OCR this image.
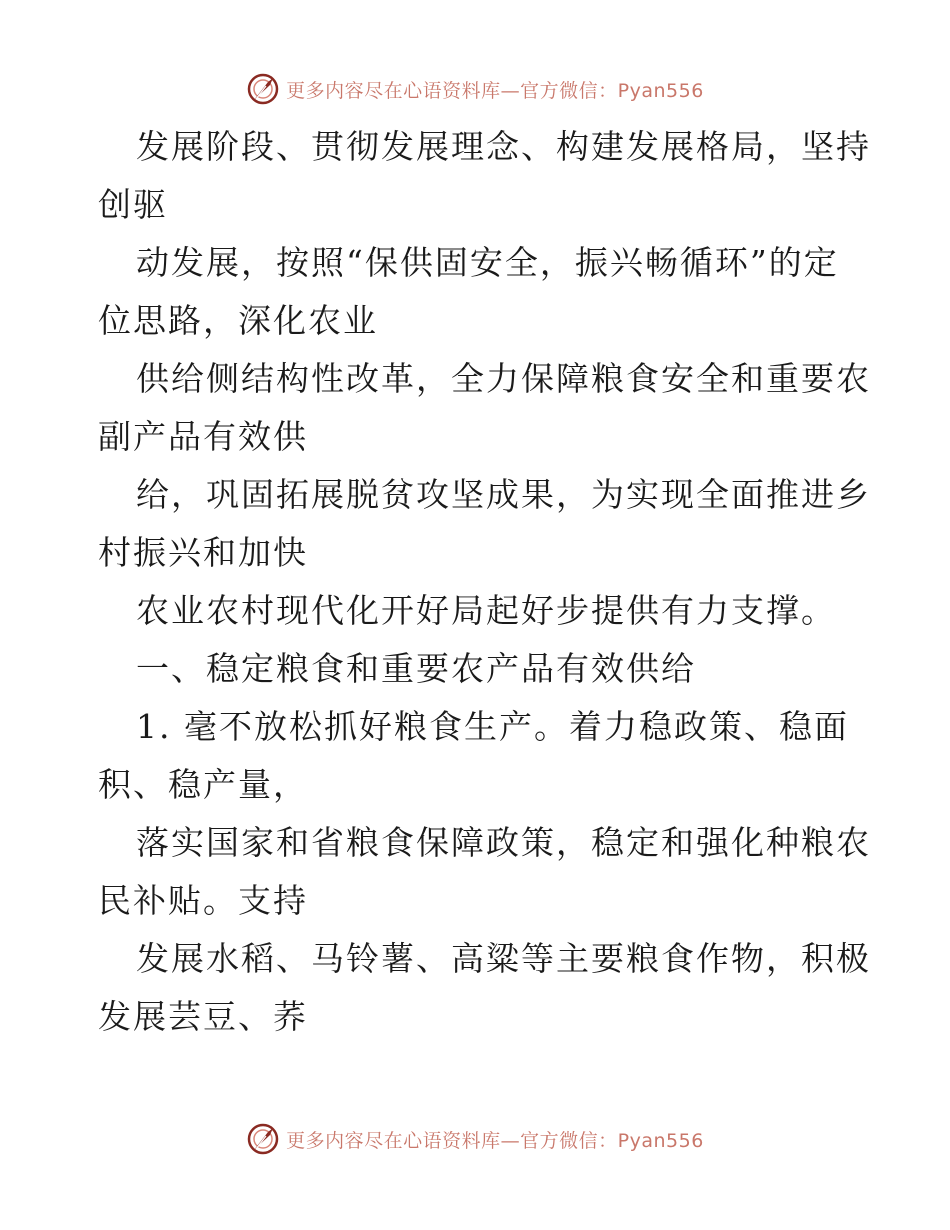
更多内容尽在心语资料库—官方微信：Pyan556
发展阶段、贯彻发展理念、构建发展格局，坚持
创驱
动发展，按照“保供固安全，振兴畅循环”的定
位思路，深化农业
供给侧结构性改革，全力保障粮食安全和重要农
副产品有效供
给，巩固拓展脱贫攻坚成果，为实现全面推进乡
村振兴和加快
农业农村现代化开好局起好步提供有力支撑。
一、稳定粮食和重要农产品有效供给
1. 毫不放松抓好粮食生产。着力稳政策、稳面
积、稳产量，
落实国家和省粮食保障政策，稳定和强化种粮农
民补贴。支持
发展水稻、马铃薯、高粱等主要粮食作物，积极
发展芸豆、荞
更多内容尽在心语资料库—官方微信：Pyan556
